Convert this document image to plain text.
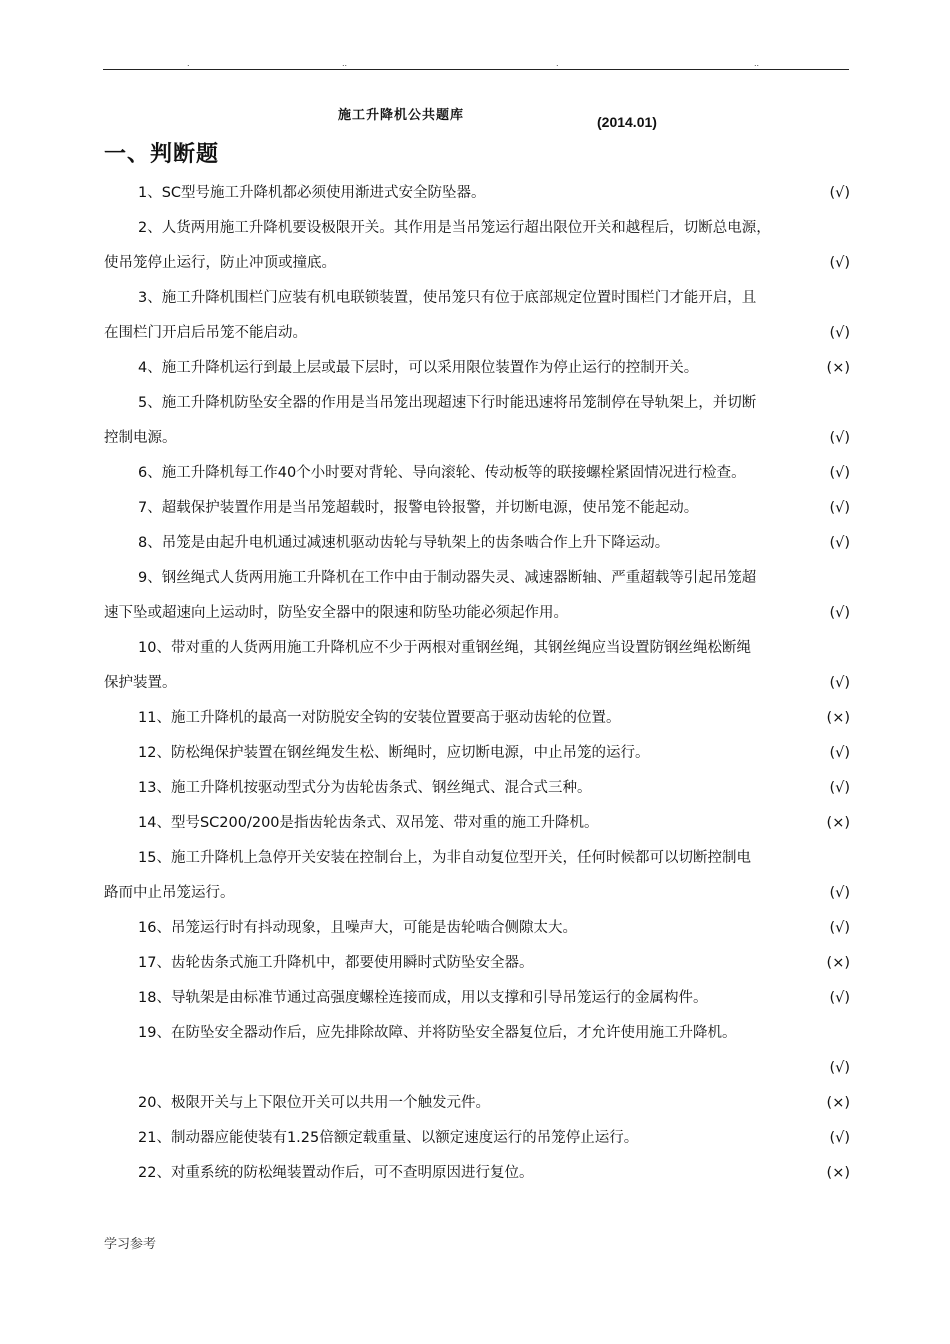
.	..	.	..
施工升降机公共题库	(2014.01)
一、判断题
1、SC型号施工升降机都必须使用渐进式安全防坠器。	(√)
2、人货两用施工升降机要设极限开关。其作用是当吊笼运行超出限位开关和越程后，切断总电源，
使吊笼停止运行，防止冲顶或撞底。	(√)
3、施工升降机围栏门应装有机电联锁装置，使吊笼只有位于底部规定位置时围栏门才能开启，且
在围栏门开启后吊笼不能启动。	(√)
4、施工升降机运行到最上层或最下层时，可以采用限位装置作为停止运行的控制开关。	(×)
5、施工升降机防坠安全器的作用是当吊笼出现超速下行时能迅速将吊笼制停在导轨架上，并切断
控制电源。	(√)
6、施工升降机每工作40个小时要对背轮、导向滚轮、传动板等的联接螺栓紧固情况进行检查。	(√)
7、超载保护装置作用是当吊笼超载时，报警电铃报警，并切断电源，使吊笼不能起动。	(√)
8、吊笼是由起升电机通过减速机驱动齿轮与导轨架上的齿条啮合作上升下降运动。	(√)
9、钢丝绳式人货两用施工升降机在工作中由于制动器失灵、减速器断轴、严重超载等引起吊笼超
速下坠或超速向上运动时，防坠安全器中的限速和防坠功能必须起作用。	(√)
10、带对重的人货两用施工升降机应不少于两根对重钢丝绳，其钢丝绳应当设置防钢丝绳松断绳
保护装置。	(√)
11、施工升降机的最高一对防脱安全钩的安装位置要高于驱动齿轮的位置。	(×)
12、防松绳保护装置在钢丝绳发生松、断绳时，应切断电源，中止吊笼的运行。	(√)
13、施工升降机按驱动型式分为齿轮齿条式、钢丝绳式、混合式三种。	(√)
14、型号SC200/200是指齿轮齿条式、双吊笼、带对重的施工升降机。	(×)
15、施工升降机上急停开关安装在控制台上，为非自动复位型开关，任何时候都可以切断控制电
路而中止吊笼运行。	(√)
16、吊笼运行时有抖动现象，且噪声大，可能是齿轮啮合侧隙太大。	(√)
17、齿轮齿条式施工升降机中，都要使用瞬时式防坠安全器。	(×)
18、导轨架是由标准节通过高强度螺栓连接而成，用以支撑和引导吊笼运行的金属构件。	(√)
19、在防坠安全器动作后，应先排除故障、并将防坠安全器复位后，才允许使用施工升降机。
(√)
20、极限开关与上下限位开关可以共用一个触发元件。	(×)
21、制动器应能使装有1.25倍额定载重量、以额定速度运行的吊笼停止运行。	(√)
22、对重系统的防松绳装置动作后，可不查明原因进行复位。	(×)
学习参考
